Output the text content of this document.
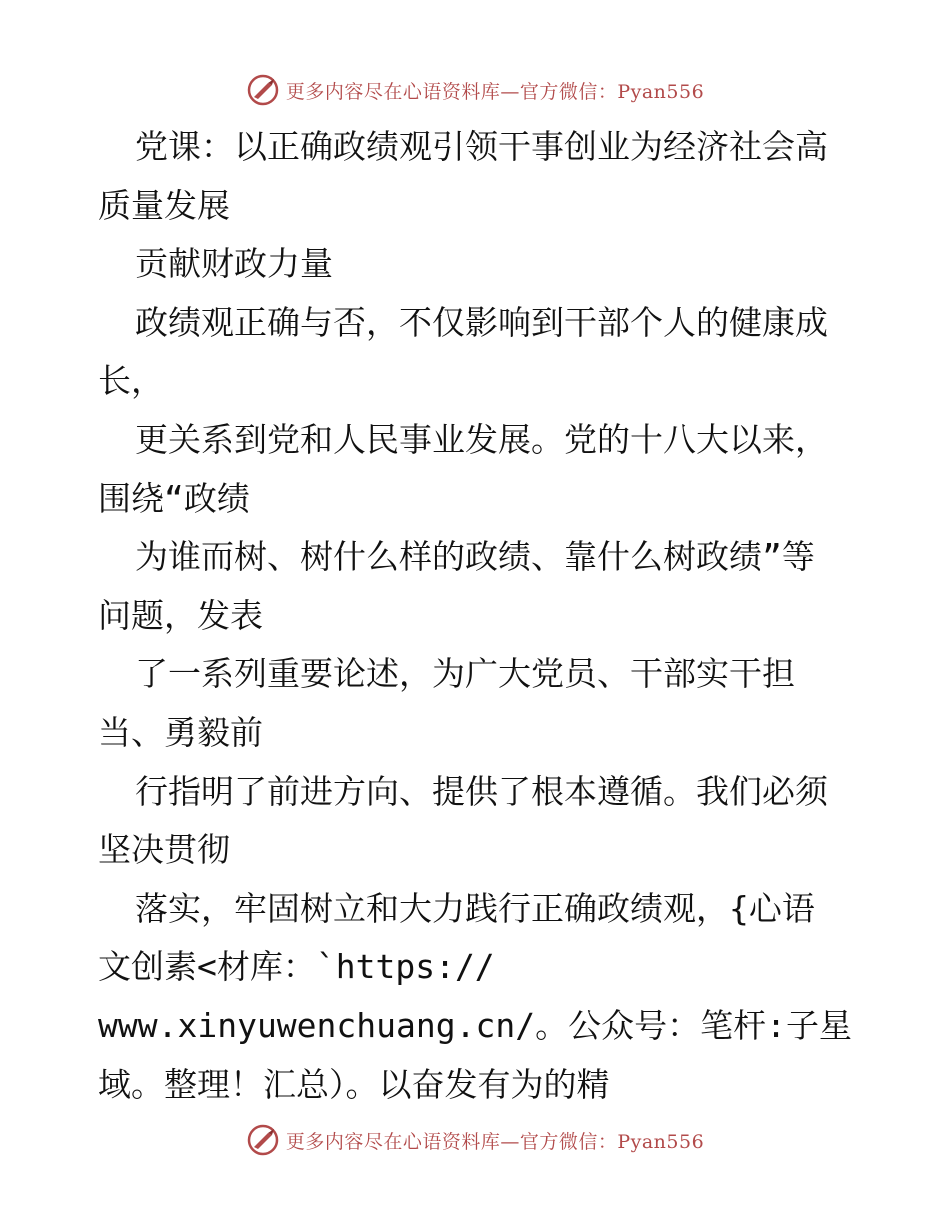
更多内容尽在心语资料库—官方微信：Pyan556
党课：以正确政绩观引领干事创业为经济社会高
质量发展
贡献财政力量
政绩观正确与否，不仅影响到干部个人的健康成
长，
更关系到党和人民事业发展。党的十八大以来，
围绕“政绩
为谁而树、树什么样的政绩、靠什么树政绩”等
问题，发表
了一系列重要论述，为广大党员、干部实干担
当、勇毅前
行指明了前进方向、提供了根本遵循。我们必须
坚决贯彻
落实，牢固树立和大力践行正确政绩观，{心语
文创素<材库：`https://
www.xinyuwenchuang.cn/。公众号：笔杆:子星
域。整理！汇总）。以奋发有为的精
更多内容尽在心语资料库—官方微信：Pyan556
